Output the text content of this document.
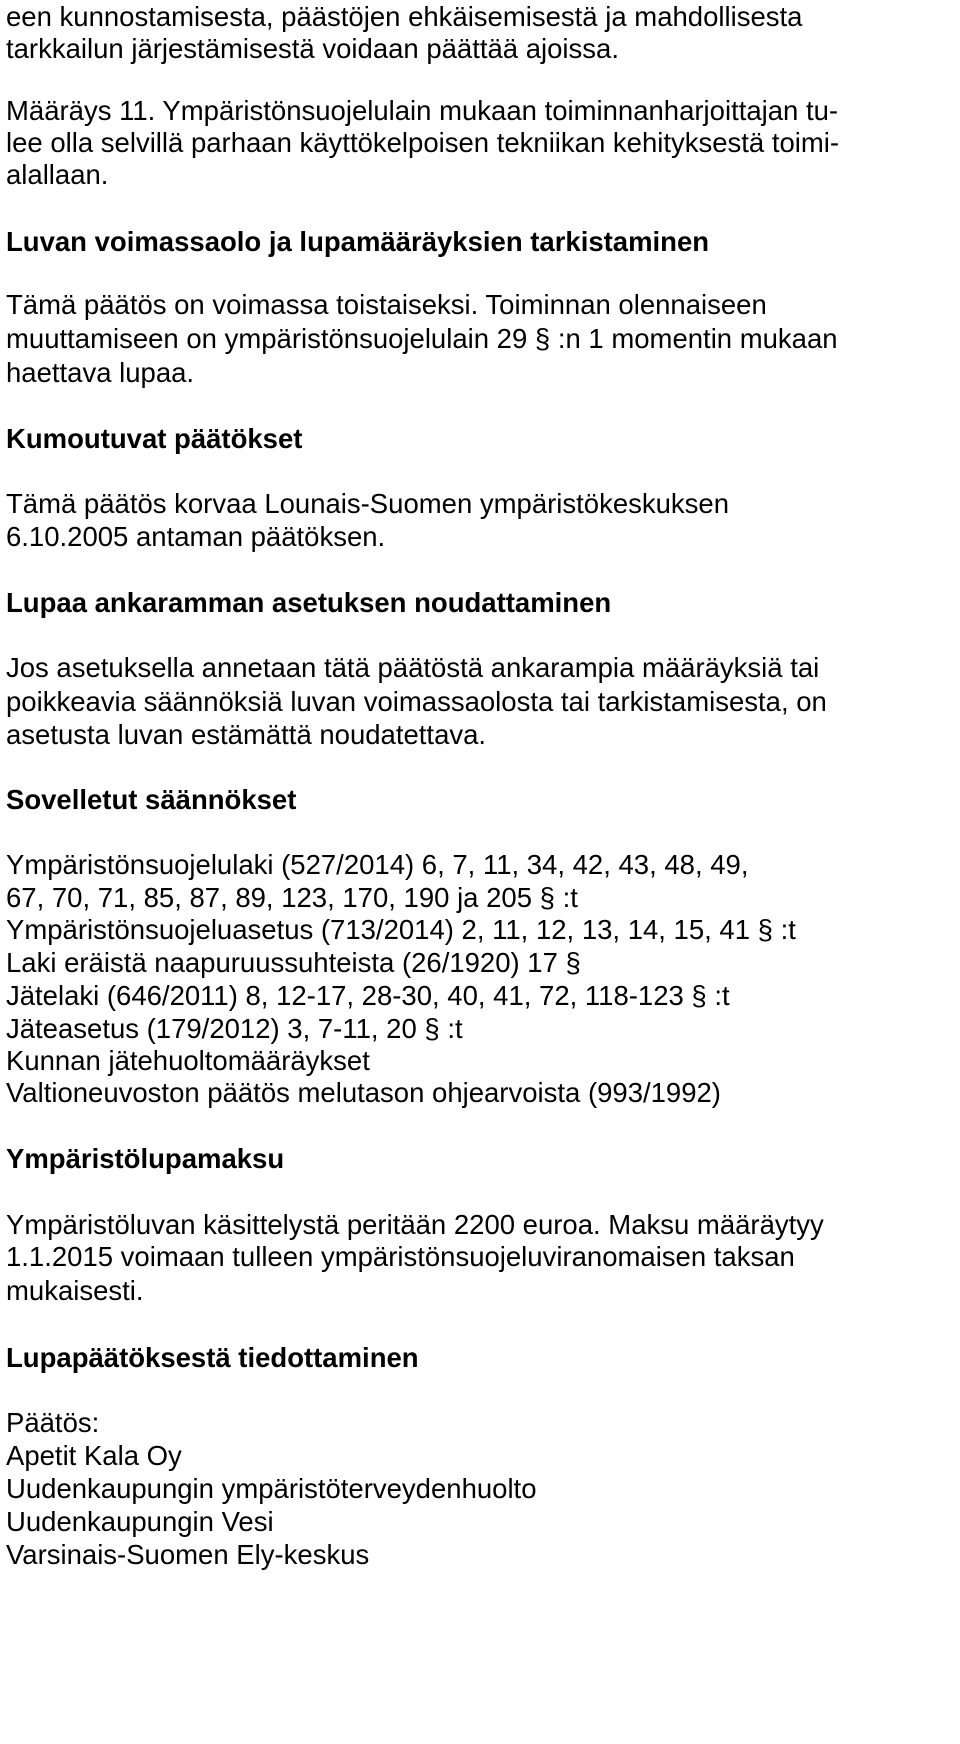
een kunnostamisesta, päästöjen ehkäisemisestä ja mahdollisesta

tarkkailun järjestämisestä voidaan päättää ajoissa.

Määräys 11. Ympäristönsuojelulain mukaan toiminnanharjoittajan tu-

lee olla selvillä parhaan käyttökelpoisen tekniikan kehityksestä toimi-

alallaan.

Luvan voimassaolo ja lupamääräyksien tarkistaminen

Tämä päätös on voimassa toistaiseksi. Toiminnan olennaiseen

muuttamiseen on ympäristönsuojelulain 29 § :n 1 momentin mukaan

haettava lupaa.

Kumoutuvat päätökset

Tämä päätös korvaa Lounais-Suomen ympäristökeskuksen

6.10.2005 antaman päätöksen.

Lupaa ankaramman asetuksen noudattaminen

Jos asetuksella annetaan tätä päätöstä ankarampia määräyksiä tai

poikkeavia säännöksiä luvan voimassaolosta tai tarkistamisesta, on

asetusta luvan estämättä noudatettava.

Sovelletut säännökset

Ympäristönsuojelulaki (527/2014) 6, 7, 11, 34, 42, 43, 48, 49,

67, 70, 71, 85, 87, 89, 123, 170, 190 ja 205 § :t

Ympäristönsuojeluasetus (713/2014) 2, 11, 12, 13, 14, 15, 41 § :t

Laki eräistä naapuruussuhteista (26/1920) 17 §

Jätelaki (646/2011) 8, 12-17, 28-30, 40, 41, 72, 118-123 § :t

Jäteasetus (179/2012) 3, 7-11, 20 § :t

Kunnan jätehuoltomääräykset

Valtioneuvoston päätös melutason ohjearvoista (993/1992)

Ympäristölupamaksu

Ympäristöluvan käsittelystä peritään 2200 euroa. Maksu määräytyy

1.1.2015 voimaan tulleen ympäristönsuojeluviranomaisen taksan

mukaisesti.

Lupapäätöksestä tiedottaminen

Päätös:

Apetit Kala Oy

Uudenkaupungin ympäristöterveydenhuolto

Uudenkaupungin Vesi

Varsinais-Suomen Ely-keskus
